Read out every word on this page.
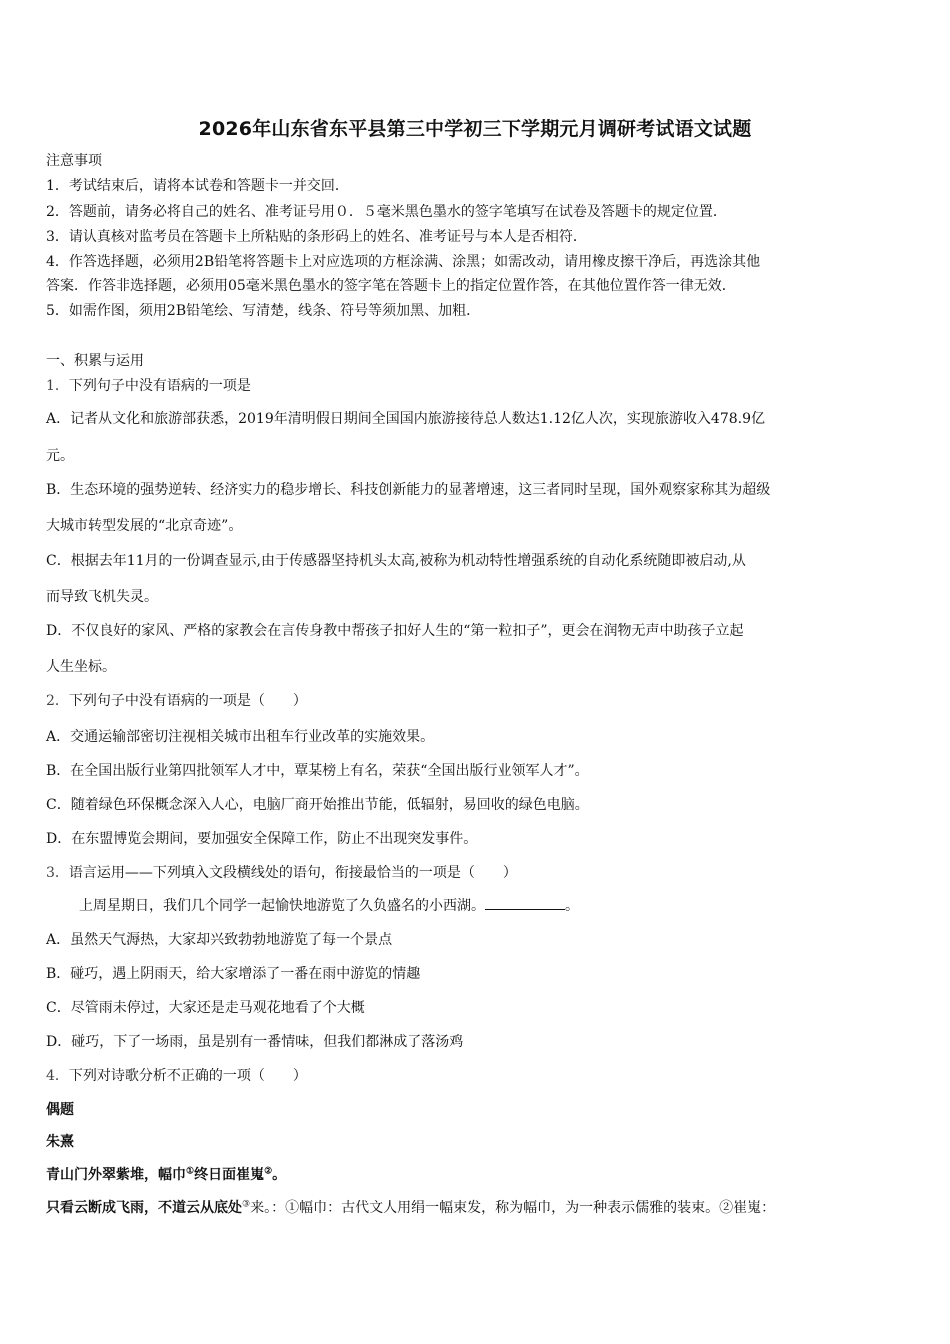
2026年山东省东平县第三中学初三下学期元月调研考试语文试题
注意事项
1．考试结束后，请将本试卷和答题卡一并交回．
2．答题前，请务必将自己的姓名、准考证号用０．５毫米黑色墨水的签字笔填写在试卷及答题卡的规定位置．
3．请认真核对监考员在答题卡上所粘贴的条形码上的姓名、准考证号与本人是否相符．
4．作答选择题，必须用2B铅笔将答题卡上对应选项的方框涂满、涂黑；如需改动，请用橡皮擦干净后，再选涂其他
答案．作答非选择题，必须用05毫米黑色墨水的签字笔在答题卡上的指定位置作答，在其他位置作答一律无效．
5．如需作图，须用2B铅笔绘、写清楚，线条、符号等须加黑、加粗．
一、积累与运用
1．下列句子中没有语病的一项是
A．记者从文化和旅游部获悉，2019年清明假日期间全国国内旅游接待总人数达1.12亿人次，实现旅游收入478.9亿
元。
B．生态环境的强势逆转、经济实力的稳步增长、科技创新能力的显著增速，这三者同时呈现，国外观察家称其为超级
大城市转型发展的“北京奇迹”。
C．根据去年11月的一份调查显示,由于传感器坚持机头太高,被称为机动特性增强系统的自动化系统随即被启动,从
而导致飞机失灵。
D．不仅良好的家风、严格的家教会在言传身教中帮孩子扣好人生的“第一粒扣子”，更会在润物无声中助孩子立起
人生坐标。
2．下列句子中没有语病的一项是（　　）
A．交通运输部密切注视相关城市出租车行业改革的实施效果。
B．在全国出版行业第四批领军人才中，覃某榜上有名，荣获“全国出版行业领军人才”。
C．随着绿色环保概念深入人心，电脑厂商开始推出节能，低辐射，易回收的绿色电脑。
D．在东盟博览会期间，要加强安全保障工作，防止不出现突发事件。
3．语言运用——下列填入文段横线处的语句，衔接最恰当的一项是（　　）
上周星期日，我们几个同学一起愉快地游览了久负盛名的小西湖。	。
A．虽然天气溽热，大家却兴致勃勃地游览了每一个景点
B．碰巧，遇上阴雨天，给大家增添了一番在雨中游览的情趣
C．尽管雨未停过，大家还是走马观花地看了个大概
D．碰巧，下了一场雨，虽是别有一番情味，但我们都淋成了落汤鸡
4．下列对诗歌分析不正确的一项（　　）
偶题
朱熹
青山门外翠紫堆，幅巾①终日面崔嵬②。
只看云断成飞雨，不道云从底处③来。：①幅巾：古代文人用绢一幅束发，称为幅巾，为一种表示儒雅的装束。②崔嵬：
